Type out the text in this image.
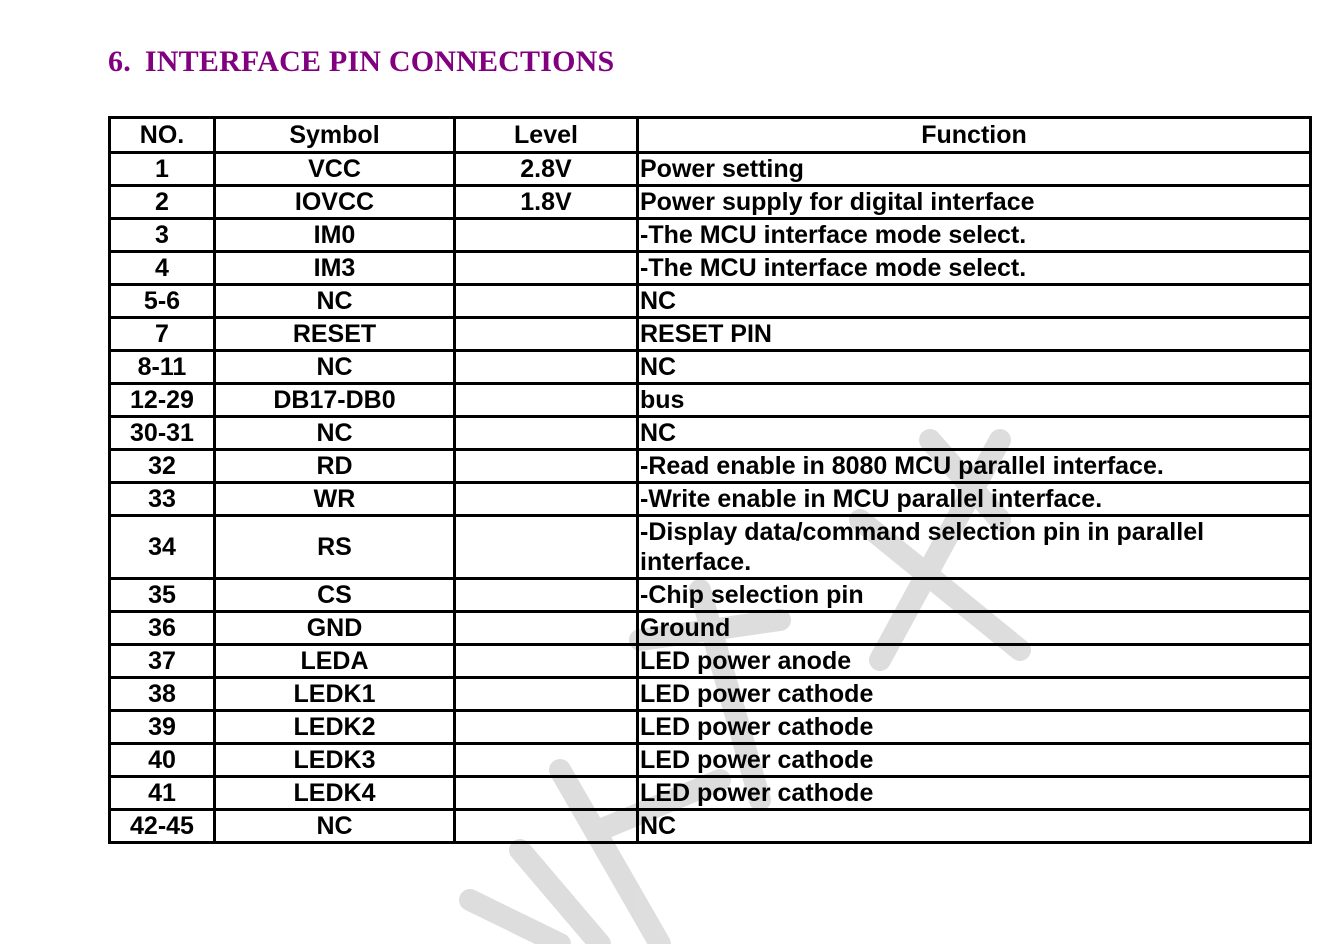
6. INTERFACE PIN CONNECTIONS
NO.	Symbol	Level	Function
1	VCC	2.8V	Power setting
2	IOVCC	1.8V	Power supply for digital interface
3	IM0		-The MCU interface mode select.
4	IM3		-The MCU interface mode select.
5-6	NC		NC
7	RESET		RESET PIN
8-11	NC		NC
12-29	DB17-DB0		bus
30-31	NC		NC
32	RD		-Read enable in 8080 MCU parallel interface.
33	WR		-Write enable in MCU parallel interface.
34	RS		-Display data/command selection pin in parallel interface.
35	CS		-Chip selection pin
36	GND		Ground
37	LEDA		LED power anode
38	LEDK1		LED power cathode
39	LEDK2		LED power cathode
40	LEDK3		LED power cathode
41	LEDK4		LED power cathode
42-45	NC		NC
